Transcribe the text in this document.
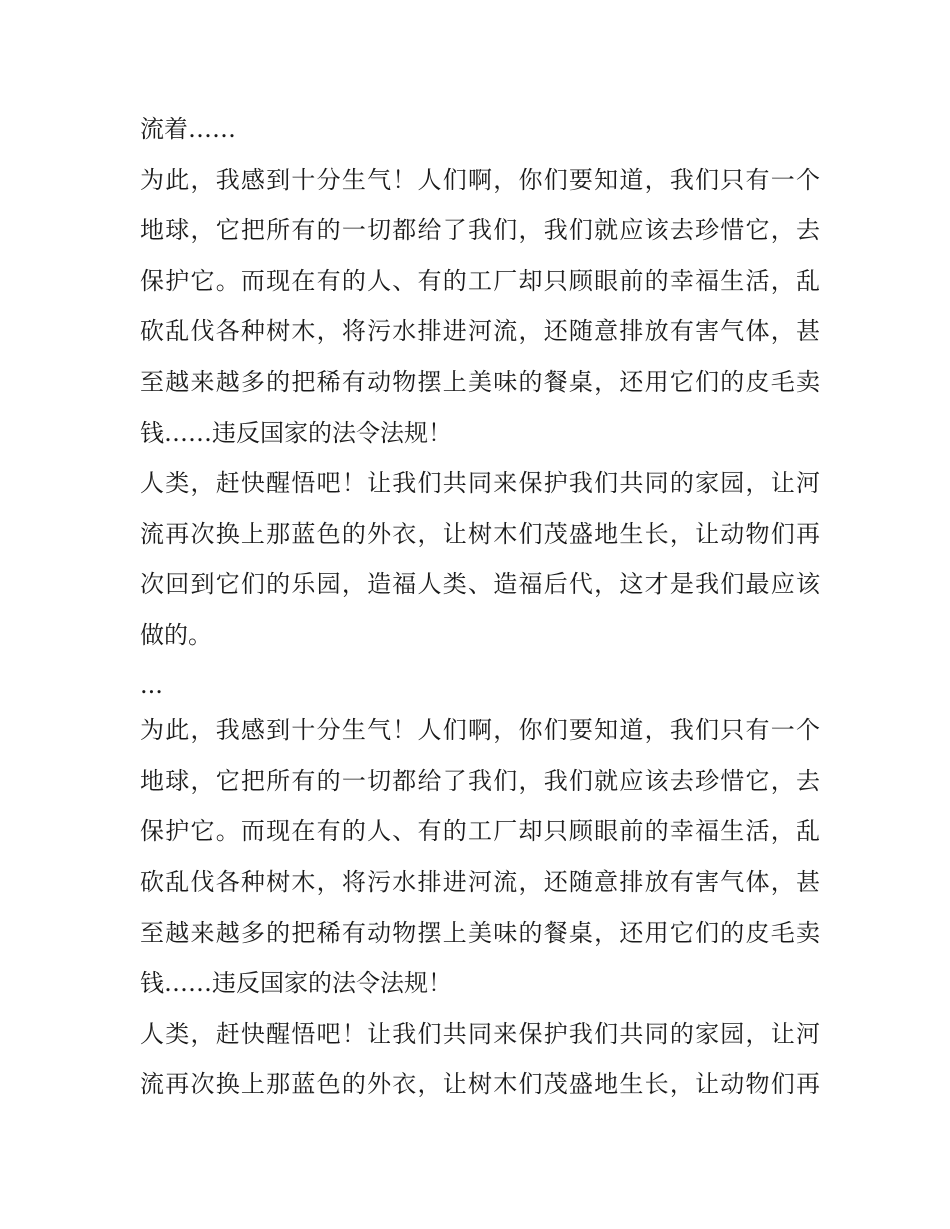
流着……
为此，我感到十分生气！人们啊，你们要知道，我们只有一个
地球，它把所有的一切都给了我们，我们就应该去珍惜它，去
保护它。而现在有的人、有的工厂却只顾眼前的幸福生活，乱
砍乱伐各种树木，将污水排进河流，还随意排放有害气体，甚
至越来越多的把稀有动物摆上美味的餐桌，还用它们的皮毛卖
钱……违反国家的法令法规！
人类，赶快醒悟吧！让我们共同来保护我们共同的家园，让河
流再次换上那蓝色的外衣，让树木们茂盛地生长，让动物们再
次回到它们的乐园，造福人类、造福后代，这才是我们最应该
做的。
...
为此，我感到十分生气！人们啊，你们要知道，我们只有一个
地球，它把所有的一切都给了我们，我们就应该去珍惜它，去
保护它。而现在有的人、有的工厂却只顾眼前的幸福生活，乱
砍乱伐各种树木，将污水排进河流，还随意排放有害气体，甚
至越来越多的把稀有动物摆上美味的餐桌，还用它们的皮毛卖
钱……违反国家的法令法规！
人类，赶快醒悟吧！让我们共同来保护我们共同的家园，让河
流再次换上那蓝色的外衣，让树木们茂盛地生长，让动物们再
